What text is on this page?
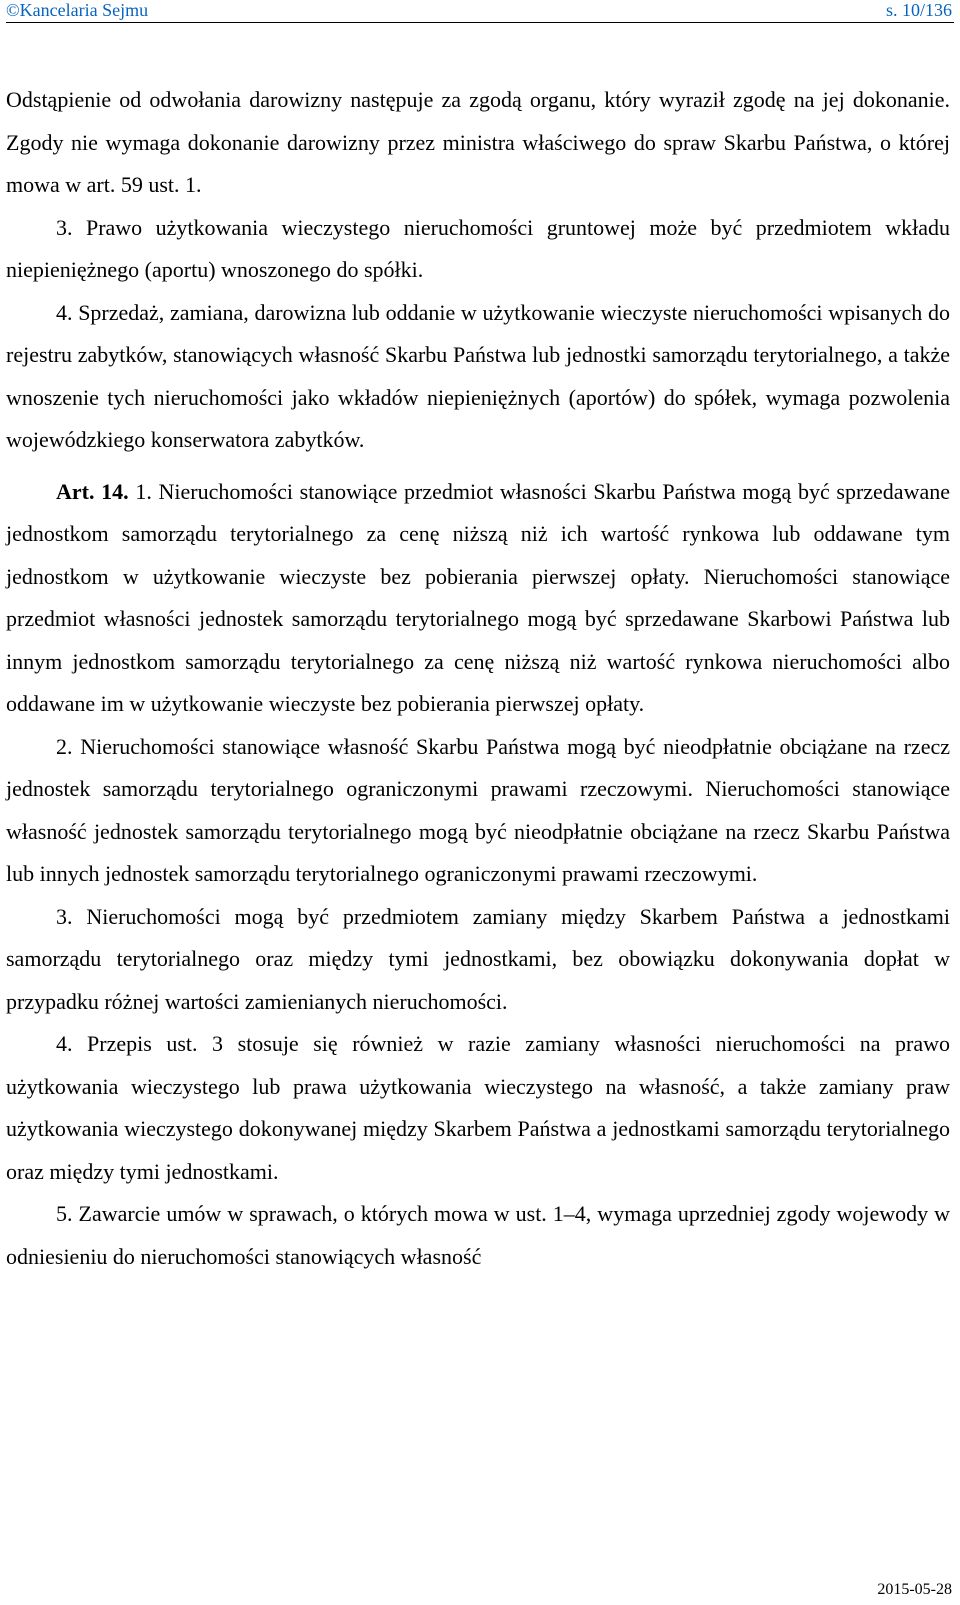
©Kancelaria Sejmu	s. 10/136

Odstąpienie od odwołania darowizny następuje za zgodą organu, który wyraził zgodę na jej dokonanie. Zgody nie wymaga dokonanie darowizny przez ministra właściwego do spraw Skarbu Państwa, o której mowa w art. 59 ust. 1.

3. Prawo użytkowania wieczystego nieruchomości gruntowej może być przedmiotem wkładu niepieniężnego (aportu) wnoszonego do spółki.

4. Sprzedaż, zamiana, darowizna lub oddanie w użytkowanie wieczyste nieruchomości wpisanych do rejestru zabytków, stanowiących własność Skarbu Państwa lub jednostki samorządu terytorialnego, a także wnoszenie tych nieruchomości jako wkładów niepieniężnych (aportów) do spółek, wymaga pozwolenia wojewódzkiego konserwatora zabytków.

Art. 14. 1. Nieruchomości stanowiące przedmiot własności Skarbu Państwa mogą być sprzedawane jednostkom samorządu terytorialnego za cenę niższą niż ich wartość rynkowa lub oddawane tym jednostkom w użytkowanie wieczyste bez pobierania pierwszej opłaty. Nieruchomości stanowiące przedmiot własności jednostek samorządu terytorialnego mogą być sprzedawane Skarbowi Państwa lub innym jednostkom samorządu terytorialnego za cenę niższą niż wartość rynkowa nieruchomości albo oddawane im w użytkowanie wieczyste bez pobierania pierwszej opłaty.

2. Nieruchomości stanowiące własność Skarbu Państwa mogą być nieodpłatnie obciążane na rzecz jednostek samorządu terytorialnego ograniczonymi prawami rzeczowymi. Nieruchomości stanowiące własność jednostek samorządu terytorialnego mogą być nieodpłatnie obciążane na rzecz Skarbu Państwa lub innych jednostek samorządu terytorialnego ograniczonymi prawami rzeczowymi.

3. Nieruchomości mogą być przedmiotem zamiany między Skarbem Państwa a jednostkami samorządu terytorialnego oraz między tymi jednostkami, bez obowiązku dokonywania dopłat w przypadku różnej wartości zamienianych nieruchomości.

4. Przepis ust. 3 stosuje się również w razie zamiany własności nieruchomości na prawo użytkowania wieczystego lub prawa użytkowania wieczystego na własność, a także zamiany praw użytkowania wieczystego dokonywanej między Skarbem Państwa a jednostkami samorządu terytorialnego oraz między tymi jednostkami.

5. Zawarcie umów w sprawach, o których mowa w ust. 1–4, wymaga uprzedniej zgody wojewody w odniesieniu do nieruchomości stanowiących własność

2015-05-28
